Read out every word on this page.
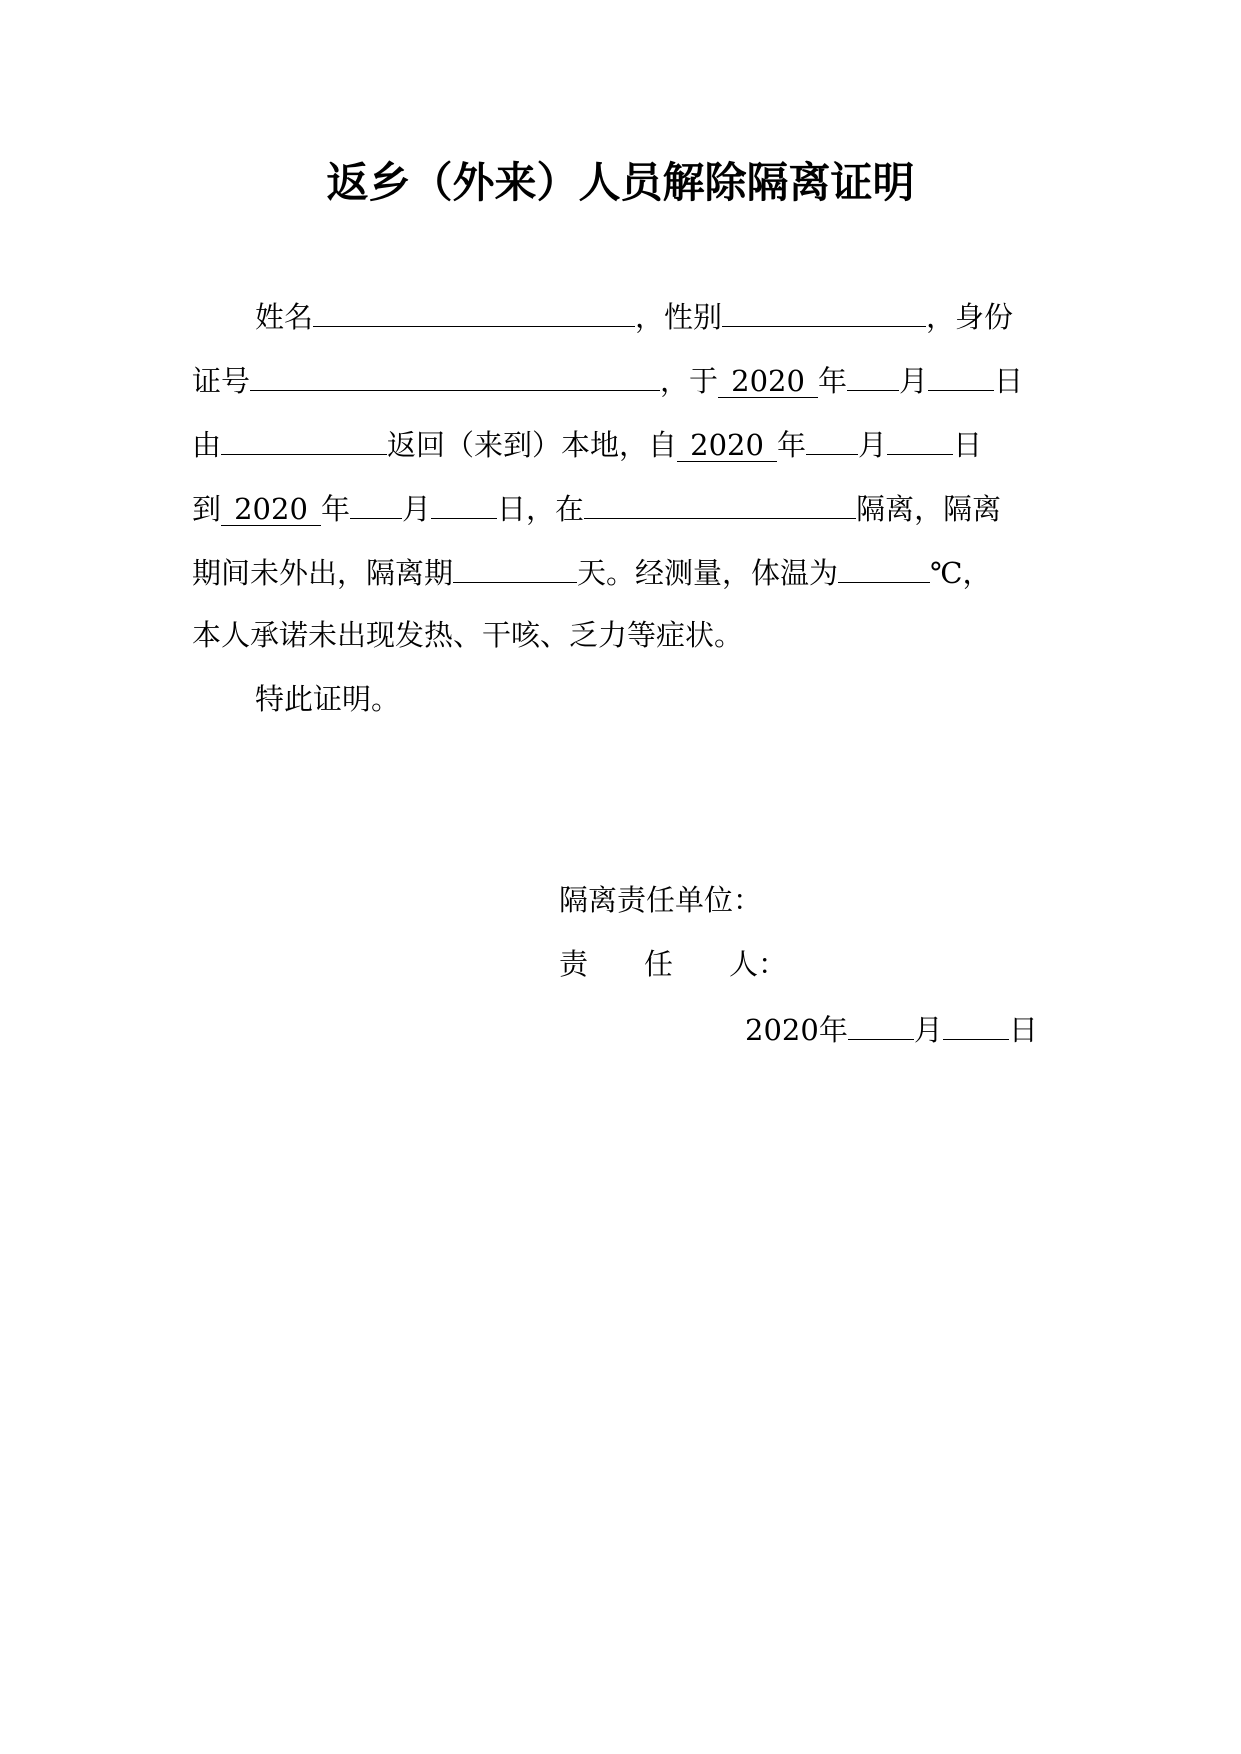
返乡（外来）人员解除隔离证明
姓名	，性别	，身份
证号	，于 2020 年 月 日
由	返回（来到）本地，自 2020 年 月 日
到 2020 年 月 日，在	隔离，隔离
期间未外出，隔离期	天。经测量，体温为	℃，
本人承诺未出现发热、干咳、乏力等症状。
特此证明。
隔离责任单位：
责 任 人：
2020年 月 日
